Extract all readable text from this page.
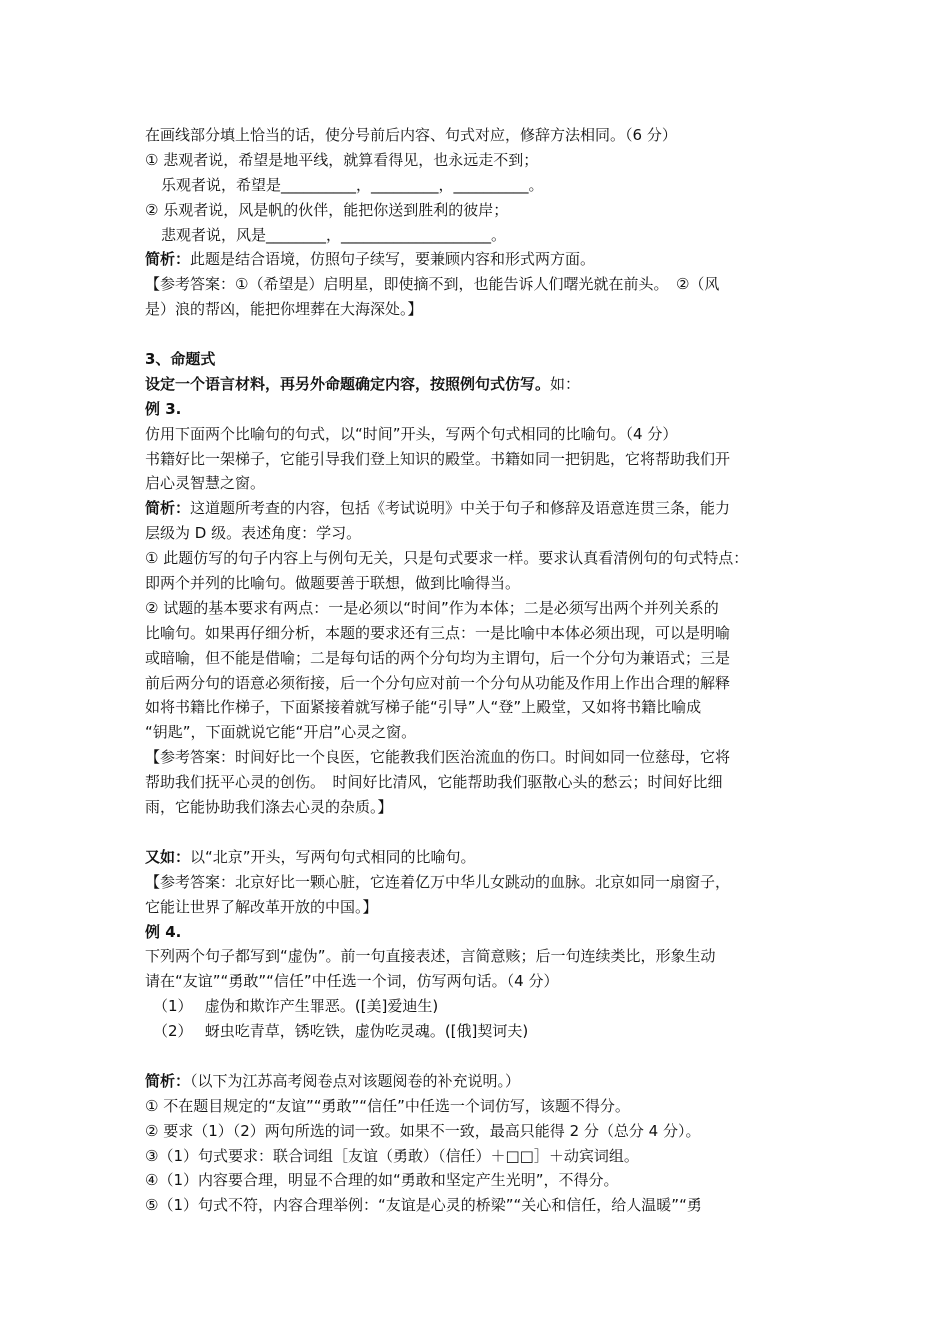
在画线部分填上恰当的话，使分号前后内容、句式对应，修辞方法相同。（6 分）
① 悲观者说，希望是地平线，就算看得见，也永远走不到；
乐观者说，希望是__________，_________，__________。
② 乐观者说，风是帆的伙伴，能把你送到胜利的彼岸；
悲观者说，风是________，____________________。
简析：此题是结合语境，仿照句子续写，要兼顾内容和形式两方面。
【参考答案：①（希望是）启明星，即使摘不到，也能告诉人们曙光就在前头。　②（风
是）浪的帮凶，能把你埋葬在大海深处。】
3、命题式
设定一个语言材料，再另外命题确定内容，按照例句式仿写。如：
例 3.
仿用下面两个比喻句的句式，以“时间”开头，写两个句式相同的比喻句。（4 分）
书籍好比一架梯子，它能引导我们登上知识的殿堂。书籍如同一把钥匙，它将帮助我们开
启心灵智慧之窗。
简析：这道题所考查的内容，包括《考试说明》中关于句子和修辞及语意连贯三条，能力
层级为 D 级。表述角度：学习。
① 此题仿写的句子内容上与例句无关，只是句式要求一样。要求认真看清例句的句式特点：
即两个并列的比喻句。做题要善于联想，做到比喻得当。
② 试题的基本要求有两点：一是必须以“时间”作为本体；二是必须写出两个并列关系的
比喻句。如果再仔细分析，本题的要求还有三点：一是比喻中本体必须出现，可以是明喻
或暗喻，但不能是借喻；二是每句话的两个分句均为主谓句，后一个分句为兼语式；三是
前后两分句的语意必须衔接，后一个分句应对前一个分句从功能及作用上作出合理的解释
如将书籍比作梯子，下面紧接着就写梯子能“引导”人“登”上殿堂，又如将书籍比喻成
“钥匙”，下面就说它能“开启”心灵之窗。
【参考答案：时间好比一个良医，它能教我们医治流血的伤口。时间如同一位慈母，它将
帮助我们抚平心灵的创伤。　时间好比清风，它能帮助我们驱散心头的愁云；时间好比细
雨，它能协助我们涤去心灵的杂质。】
又如：以“北京”开头，写两句句式相同的比喻句。
【参考答案：北京好比一颗心脏，它连着亿万中华儿女跳动的血脉。北京如同一扇窗子，
它能让世界了解改革开放的中国。】
例 4.
下列两个句子都写到“虚伪”。前一句直接表述，言简意赅；后一句连续类比，形象生动
请在“友谊”“勇敢”“信任”中任选一个词，仿写两句话。（4 分）
（1）　 虚伪和欺诈产生罪恶。([美]爱迪生)
（2）　 蚜虫吃青草，锈吃铁，虚伪吃灵魂。([俄]契诃夫)
简析：（以下为江苏高考阅卷点对该题阅卷的补充说明。）
① 不在题目规定的“友谊”“勇敢”“信任”中任选一个词仿写，该题不得分。
② 要求（1）（2）两句所选的词一致。如果不一致，最高只能得 2 分（总分 4 分）。
③（1）句式要求：联合词组［友谊（勇敢）（信任）＋□□］＋动宾词组。
④（1）内容要合理，明显不合理的如“勇敢和坚定产生光明”，不得分。
⑤（1）句式不符，内容合理举例：“友谊是心灵的桥梁”“关心和信任，给人温暖”“勇
